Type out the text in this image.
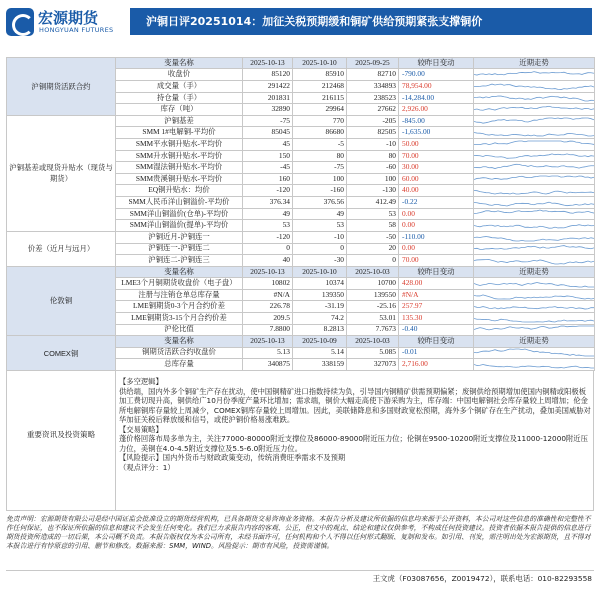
宏源期货
HONGYUAN FUTURES
沪铜日评20251014：加征关税预期缓和铜矿供给预期紧张支撑铜价
沪铜期货活跃合约	变量名称	2025-10-13	2025-10-10	2025-09-25	较昨日变动	近期走势
	收盘价	85120	85910	82710	-790.00	

	成交量（手）	291422	212468	334893	78,954.00	

	持仓量（手）	201831	216115	238523	-14,284.00	

	库存（吨）	32890	29964	27662	2,926.00	

沪铜基差或现货升贴水（现货与期货）	沪铜基差	-75	770	-205	-845.00	

	SMM 1#电解铜-平均价	85045	86680	82505	-1,635.00	

	SMM平水铜升贴水-平均价	45	-5	-10	50.00	

	SMM升水铜升贴水-平均价	150	80	80	70.00	

	SMM湿法铜升贴水-平均价	-45	-75	-60	30.00	

	SMM贵溪铜升贴水-平均价	160	100	100	60.00	

	EQ铜升贴水：均价	-120	-160	-130	40.00	

	SMM人民币洋山铜溢价-平均价	376.34	376.56	412.49	-0.22	

	SMM洋山铜溢价(仓单)-平均价	49	49	53	0.00	

	SMM洋山铜溢价(提单)-平均价	53	53	58	0.00	

价差（近月与远月）	沪铜近月-沪铜连一	-120	-10	-50	-110.00	

	沪铜连一-沪铜连二	0	0	20	0.00	

	沪铜连二-沪铜连三	40	-30	0	70.00	

伦敦铜	变量名称	2025-10-13	2025-10-10	2025-10-03	较昨日变动	近期走势
	LME3个月铜期货收盘价（电子盘）	10802	10374	10700	428.00	

	注册与注销仓单总库存量	#N/A	139350	139550	#N/A	

	LME铜期货0-3个月合约价差	226.78	-31.19	-25.16	257.97	

	LME铜期货3-15个月合约价差	209.5	74.2	53.01	135.30	

	沪伦比值	7.8800	8.2813	7.7673	-0.40	

COMEX铜	变量名称	2025-10-13	2025-10-09	2025-10-03	较昨日变动	近期走势
	铜期货活跃合约收盘价	5.13	5.14	5.085	-0.01	

	总库存量	340875	338159	327073	2,716.00	
重要资讯及投资策略

【多空逻辑】

供给端，国内外多个铜矿生产存在扰动，使中国铜精矿进口指数持续为负，引导国内铜精矿供需预期偏紧；废铜供给预期增加使国内铜精或阳极板加工费切现升高，铜供给广10月份季度产量环比增加；需求端，铜价大幅走高使下游采购为主，库存端：中国电解铜社会库存量较上周增加；伦金所电解铜库存量较上周减少，COMEX铜库存量较上周增加。因此，美联储降息和多国财政宽松预期，海外多个铜矿存在生产扰动，叠加美国威胁对华加征关税后释放缓和信号，或使沪铜价格易涨难跌。

【交易策略】

蓬价格回落布局多单为主，关注77000-80000附近支撑位及86000-89000附近压力位；伦铜在9500-10200附近支撑位及11000-12000附近压力位，美铜在4.0-4.5附近支撑位及5.5-6.0附近压力位。

【风险提示】国内外货币与财政政策变动，传统消费旺季需求不及预期

（观点评分：1）

免责声明：宏源期货有限公司是经中国证监会批准设立的期货经营机构，已具备期货交易咨询业务资格。本报告分析及建议所依据的信息均来源于公开资料，本公司对这些信息的准确性和完整性不作任何保证，也不保证所依据的信息和建议不会发生任何变化。我们已力求报告内容的客观、公正，但文中的观点、结论和建议仅供参考，不构成任何投资建议。投资者依据本报告提供的信息进行期货投资所造成的一切后果，本公司概不负责。本报告版权仅为本公司所有，未经书面许可，任何机构和个人不得以任何形式翻版、复制和发布。如引用、刊发，需注明出处为宏源期货，且不得对本报告进行有悖原意的引用、删节和修改。数据来源：SMM，WIND。风险提示：期市有风险，投资需谨慎。
王文虎（F03087656，Z0019472），联系电话：010-82293558
